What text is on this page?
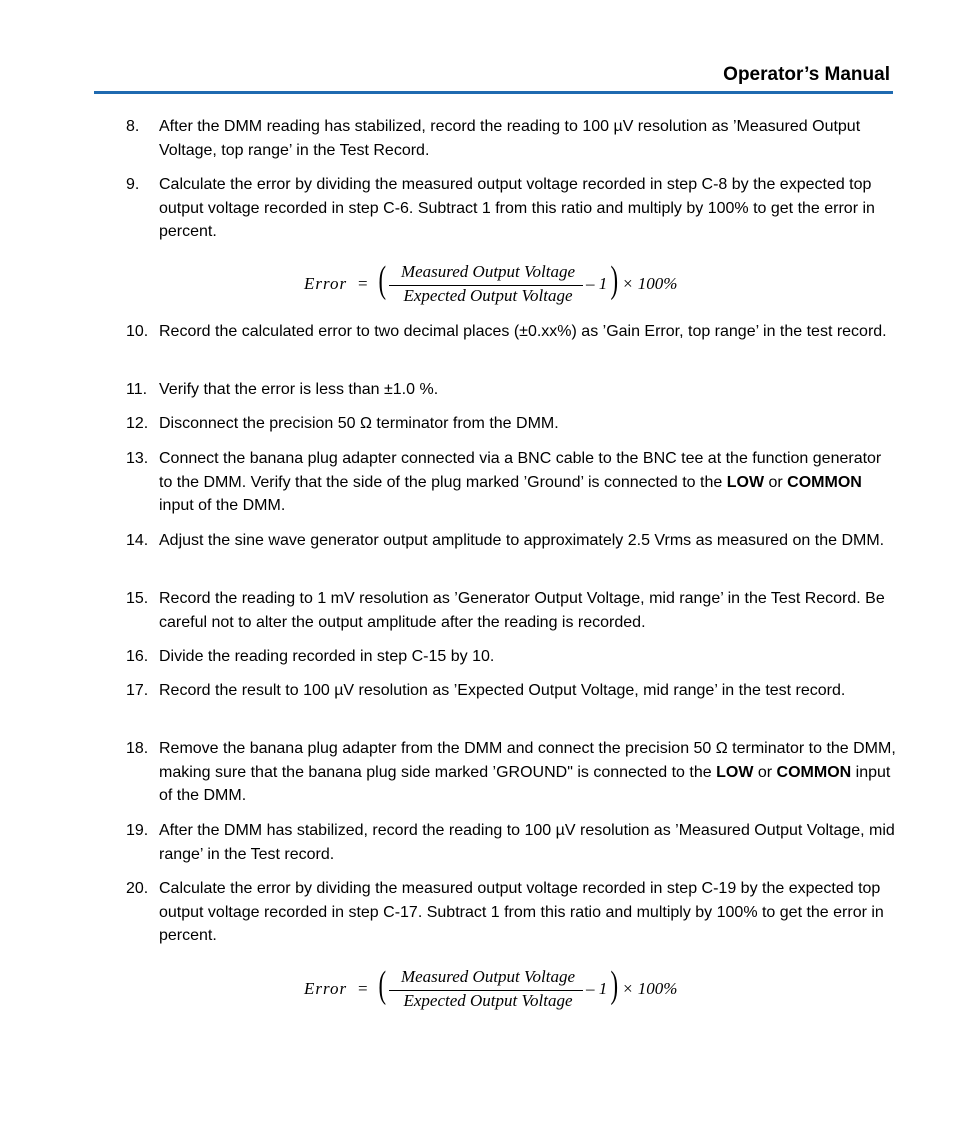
Operator’s Manual
8.	After the DMM reading has stabilized, record the reading to 100 µV resolution as ’Measured Output Voltage, top range’ in the Test Record.
9.	Calculate the error by dividing the measured output voltage recorded in step C-8 by the expected top output voltage recorded in step C-6. Subtract 1 from this ratio and multiply by 100% to get the error in percent.
Error = ( Measured Output Voltage
Expected Output Voltage
– 1 ) × 100%
10. Record the calculated error to two decimal places (±0.xx%) as ’Gain Error, top range’ in the test record.
11. Verify that the error is less than ±1.0 %.
12. Disconnect the precision 50 Ω terminator from the DMM.
13. Connect the banana plug adapter connected via a BNC cable to the BNC tee at the function generator to the DMM. Verify that the side of the plug marked ’Ground’ is connected to the LOW or COMMON input of the DMM.
14. Adjust the sine wave generator output amplitude to approximately 2.5 Vrms as measured on the DMM.
15. Record the reading to 1 mV resolution as ’Generator Output Voltage, mid range’ in the Test Record. Be careful not to alter the output amplitude after the reading is recorded.
16. Divide the reading recorded in step C-15 by 10.
17. Record the result to 100 µV resolution as ’Expected Output Voltage, mid range’ in the test record.
18. Remove the banana plug adapter from the DMM and connect the precision 50 Ω terminator to the DMM, making sure that the banana plug side marked ’GROUND" is connected to the LOW or COMMON input of the DMM.
19. After the DMM has stabilized, record the reading to 100 µV resolution as ’Measured Output Voltage, mid range’ in the Test record.
20. Calculate the error by dividing the measured output voltage recorded in step C-19 by the expected top output voltage recorded in step C-17. Subtract 1 from this ratio and multiply by 100% to get the error in percent.
Error = ( Measured Output Voltage
Expected Output Voltage
– 1 ) × 100%
